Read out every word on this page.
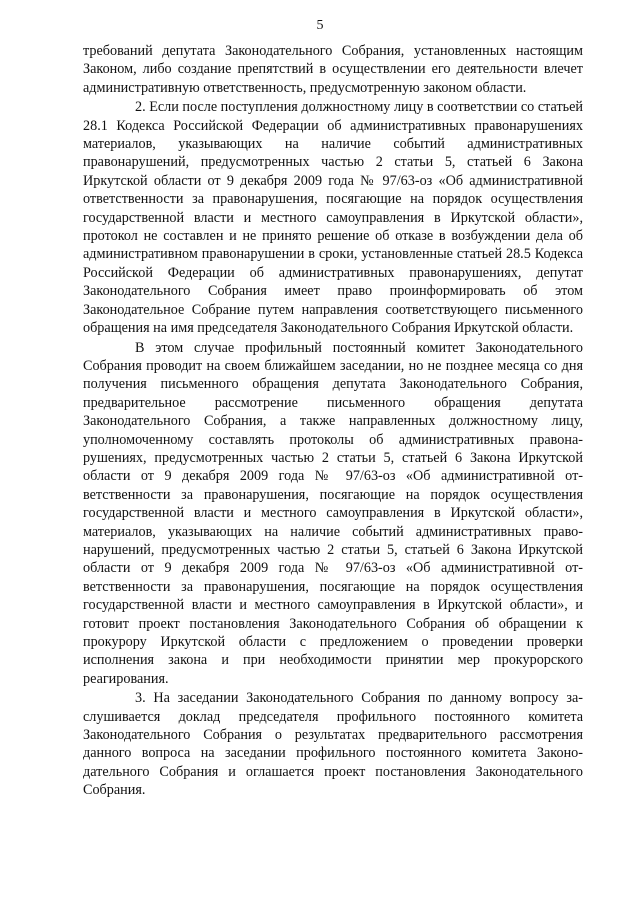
5

требований депутата Законодательного Собрания, установленных настоящим Законом, либо создание препятствий в осуществлении его деятельности влечет административную ответственность, предусмотренную законом области.

2. Если после поступления должностному лицу в соответствии со статьей 28.1 Кодекса Российской Федерации об административных правонарушениях материалов, указывающих на наличие событий административных правонарушений, предусмотренных частью 2 статьи 5, статьей 6 Закона Иркутской области от 9 декабря 2009 года № 97/63-оз «Об административной ответственности за правонарушения, посягающие на порядок осуществления государственной власти и местного самоуправления в Иркутской области», протокол не составлен и не принято решение об отказе в возбуждении дела об административном правонарушении в сроки, установленные статьей 28.5 Кодекса Российской Федерации об административных правонарушениях, депутат Законодательного Собрания имеет право проинформировать об этом Законодательное Собрание путем направления соответствующего письменного обращения на имя председателя Законодательного Собрания Иркутской области.

В этом случае профильный постоянный комитет Законодательного Собрания проводит на своем ближайшем заседании, но не позднее месяца со дня получения письменного обращения депутата Законодательного Собрания, предварительное рассмотрение письменного обращения депутата Законодательного Собрания, а также направленных должностному лицу, уполномоченному составлять протоколы об административных правонарушениях, предусмотренных частью 2 статьи 5, статьей 6 Закона Иркутской области от 9 декабря 2009 года № 97/63-оз «Об административной ответственности за правонарушения, посягающие на порядок осуществления государственной власти и местного самоуправления в Иркутской области», материалов, указывающих на наличие событий административных правонарушений, предусмотренных частью 2 статьи 5, статьей 6 Закона Иркутской области от 9 декабря 2009 года № 97/63-оз «Об административной ответственности за правонарушения, посягающие на порядок осуществления государственной власти и местного самоуправления в Иркутской области», и готовит проект постановления Законодательного Собрания об обращении к прокурору Иркутской области с предложением о проведении проверки исполнения закона и при необходимости принятии мер прокурорского реагирования.

3. На заседании Законодательного Собрания по данному вопросу заслушивается доклад председателя профильного постоянного комитета Законодательного Собрания о результатах предварительного рассмотрения данного вопроса на заседании профильного постоянного комитета Законодательного Собрания и оглашается проект постановления Законодательного Собрания.
